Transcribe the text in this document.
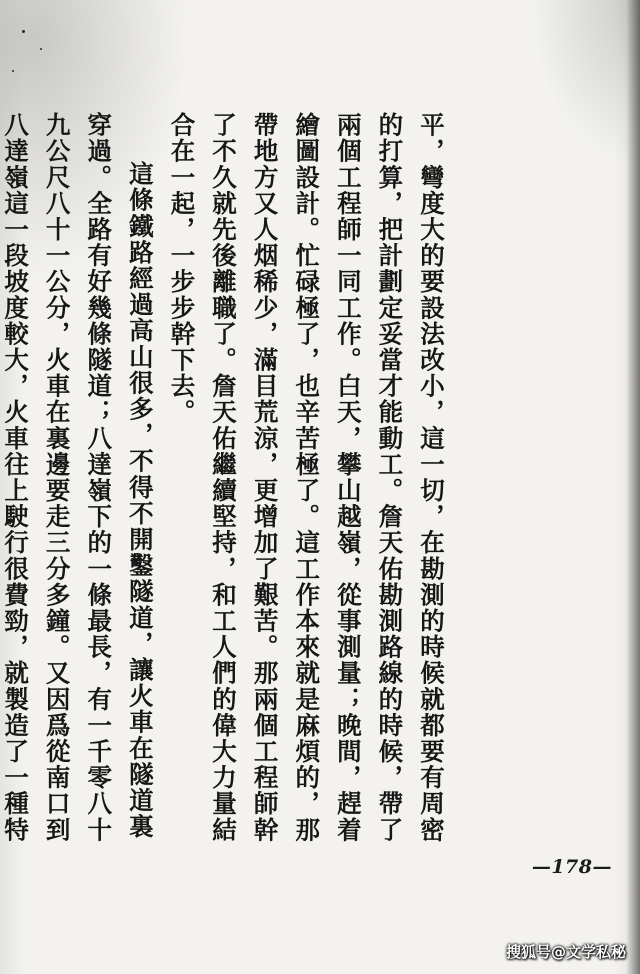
平，彎度大的要設法改小，這一切，在勘測的時候就都要有周密的打算，把計劃定妥當才能動工。詹天佑勘測路線的時候，帶了兩個工程師一同工作。白天，攀山越嶺，從事測量；晚間，趕着繪圖設計。忙碌極了，也辛苦極了。這工作本來就是麻煩的，那帶地方又人烟稀少，滿目荒涼，更增加了艱苦。那兩個工程師幹了不久就先後離職了。詹天佑繼續堅持，和工人們的偉大力量結合在一起，一步步幹下去。

這條鐵路經過高山很多，不得不開鑿隧道，讓火車在隧道裏穿過。全路有好幾條隧道；八達嶺下的一條最長，有一千零八十九公尺八十一公分，火車在裏邊要走三分多鐘。又因爲從南口到八達嶺這一段坡度較大，火車往上駛行很費勁，就製造了一種特

—178—
搜狐号@文学私秘
